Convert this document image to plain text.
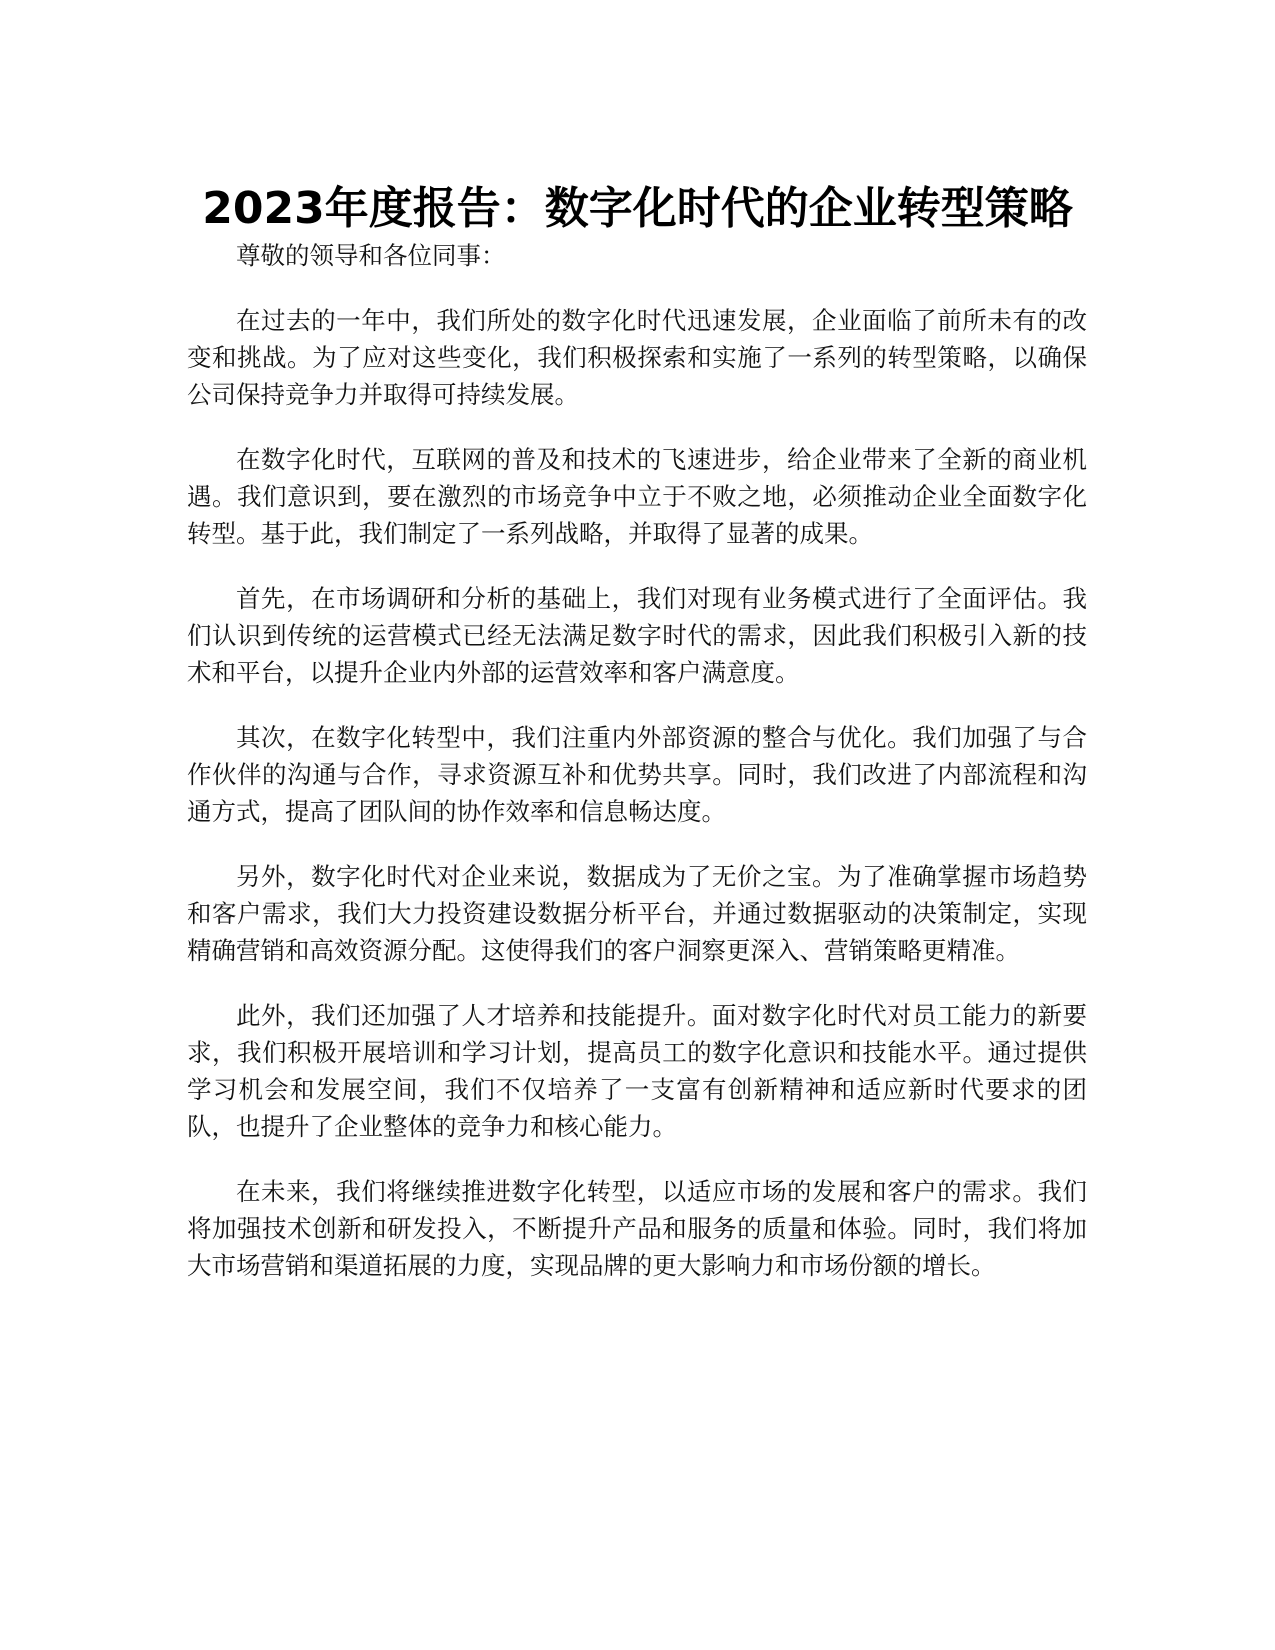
2023年度报告：数字化时代的企业转型策略

尊敬的领导和各位同事：

在过去的一年中，我们所处的数字化时代迅速发展，企业面临了前所未有的改变和挑战。为了应对这些变化，我们积极探索和实施了一系列的转型策略，以确保公司保持竞争力并取得可持续发展。

在数字化时代，互联网的普及和技术的飞速进步，给企业带来了全新的商业机遇。我们意识到，要在激烈的市场竞争中立于不败之地，必须推动企业全面数字化转型。基于此，我们制定了一系列战略，并取得了显著的成果。

首先，在市场调研和分析的基础上，我们对现有业务模式进行了全面评估。我们认识到传统的运营模式已经无法满足数字时代的需求，因此我们积极引入新的技术和平台，以提升企业内外部的运营效率和客户满意度。

其次，在数字化转型中，我们注重内外部资源的整合与优化。我们加强了与合作伙伴的沟通与合作，寻求资源互补和优势共享。同时，我们改进了内部流程和沟通方式，提高了团队间的协作效率和信息畅达度。

另外，数字化时代对企业来说，数据成为了无价之宝。为了准确掌握市场趋势和客户需求，我们大力投资建设数据分析平台，并通过数据驱动的决策制定，实现精确营销和高效资源分配。这使得我们的客户洞察更深入、营销策略更精准。

此外，我们还加强了人才培养和技能提升。面对数字化时代对员工能力的新要求，我们积极开展培训和学习计划，提高员工的数字化意识和技能水平。通过提供学习机会和发展空间，我们不仅培养了一支富有创新精神和适应新时代要求的团队，也提升了企业整体的竞争力和核心能力。

在未来，我们将继续推进数字化转型，以适应市场的发展和客户的需求。我们将加强技术创新和研发投入，不断提升产品和服务的质量和体验。同时，我们将加大市场营销和渠道拓展的力度，实现品牌的更大影响力和市场份额的增长。
